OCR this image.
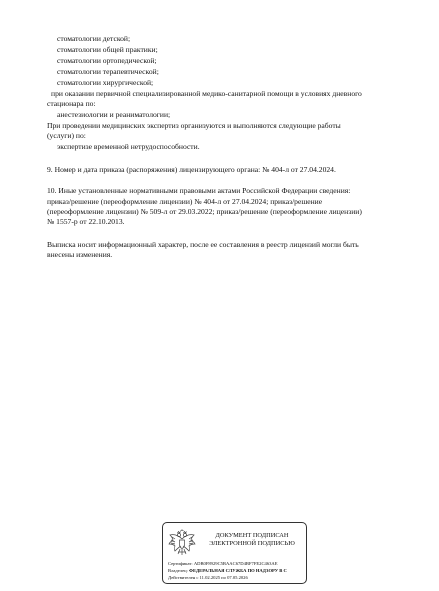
стоматологии детской;
стоматологии общей практики;
стоматологии ортопедической;
стоматологии терапевтической;
стоматологии хирургической;
при оказании первичной специализированной медико-санитарной помощи в условиях дневного
стационара по:
анестезиологии и реаниматологии;
При проведении медицинских экспертиз организуются и выполняются следующие работы
(услуги) по:
экспертизе временной нетрудоспособности.
9. Номер и дата приказа (распоряжения) лицензирующего органа: № 404-л от 27.04.2024.
10. Иные установленные нормативными правовыми актами Российской Федерации сведения:
приказ/решение (переоформление лицензии) № 404-л от 27.04.2024; приказ/решение
(переоформление лицензии) № 509-л от 29.03.2022; приказ/решение (переоформление лицензии)
№ 1557-р от 22.10.2013.
Выписка носит информационный характер, после ее составления в реестр лицензий могли быть
внесены изменения.
ДОКУМЕНТ ПОДПИСАН
ЭЛЕКТРОННОЙ ПОДПИСЬЮ
Сертификат: ADB0F8929C5BAAC67D4BF7FE2C463AE
Владелец: ФЕДЕРАЛЬНАЯ СЛУЖБА ПО НАДЗОРУ В С
Действителен с 11.02.2025 по 07.05.2026
